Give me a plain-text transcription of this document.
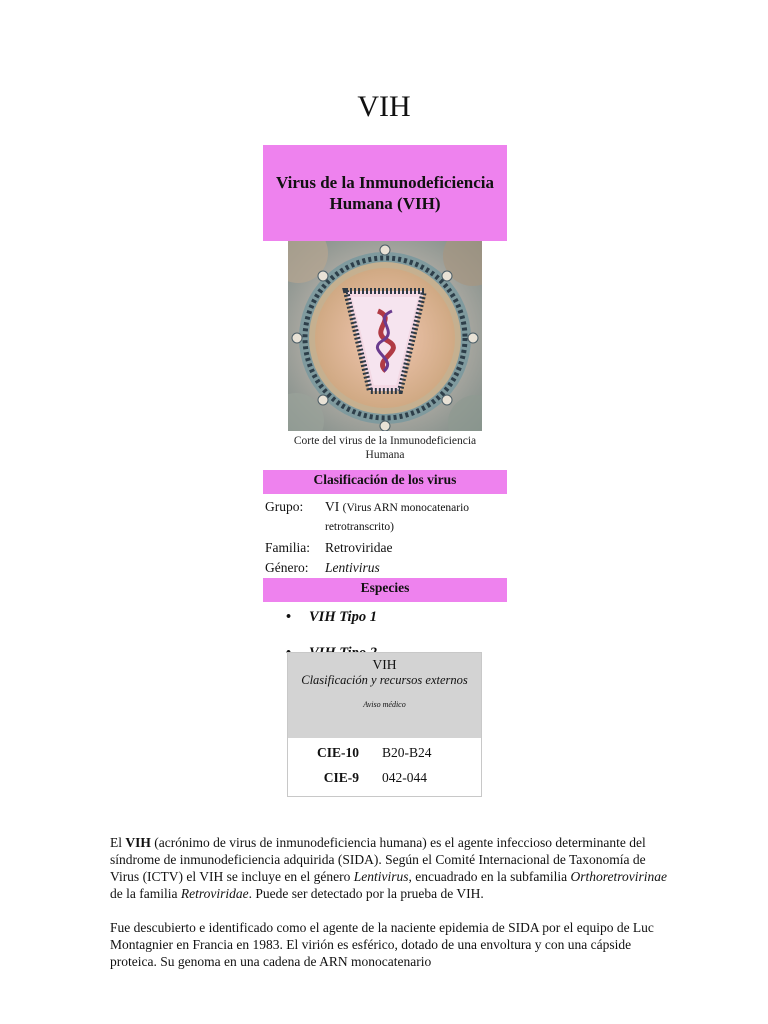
VIH
Virus de la Inmunodeficiencia Humana (VIH)
Corte del virus de la Inmunodeficiencia Humana
Clasificación de los virus
Grupo:	VI (Virus ARN monocatenario retrotranscrito)
Familia:	Retroviridae
Género:	Lentivirus
Especies
• VIH Tipo 1
VIH
Clasificación y recursos externos
Aviso médico
CIE-10	B20-B24
CIE-9	042-044

El VIH (acrónimo de virus de inmunodeficiencia humana) es el agente infeccioso determinante del síndrome de inmunodeficiencia adquirida (SIDA). Según el Comité Internacional de Taxonomía de Virus (ICTV) el VIH se incluye en el género Lentivirus, encuadrado en la subfamilia Orthoretrovirinae de la familia Retroviridae. Puede ser detectado por la prueba de VIH.

Fue descubierto e identificado como el agente de la naciente epidemia de SIDA por el equipo de Luc Montagnier en Francia en 1983. El virión es esférico, dotado de una envoltura y con una cápside proteica. Su genoma en una cadena de ARN monocatenario
